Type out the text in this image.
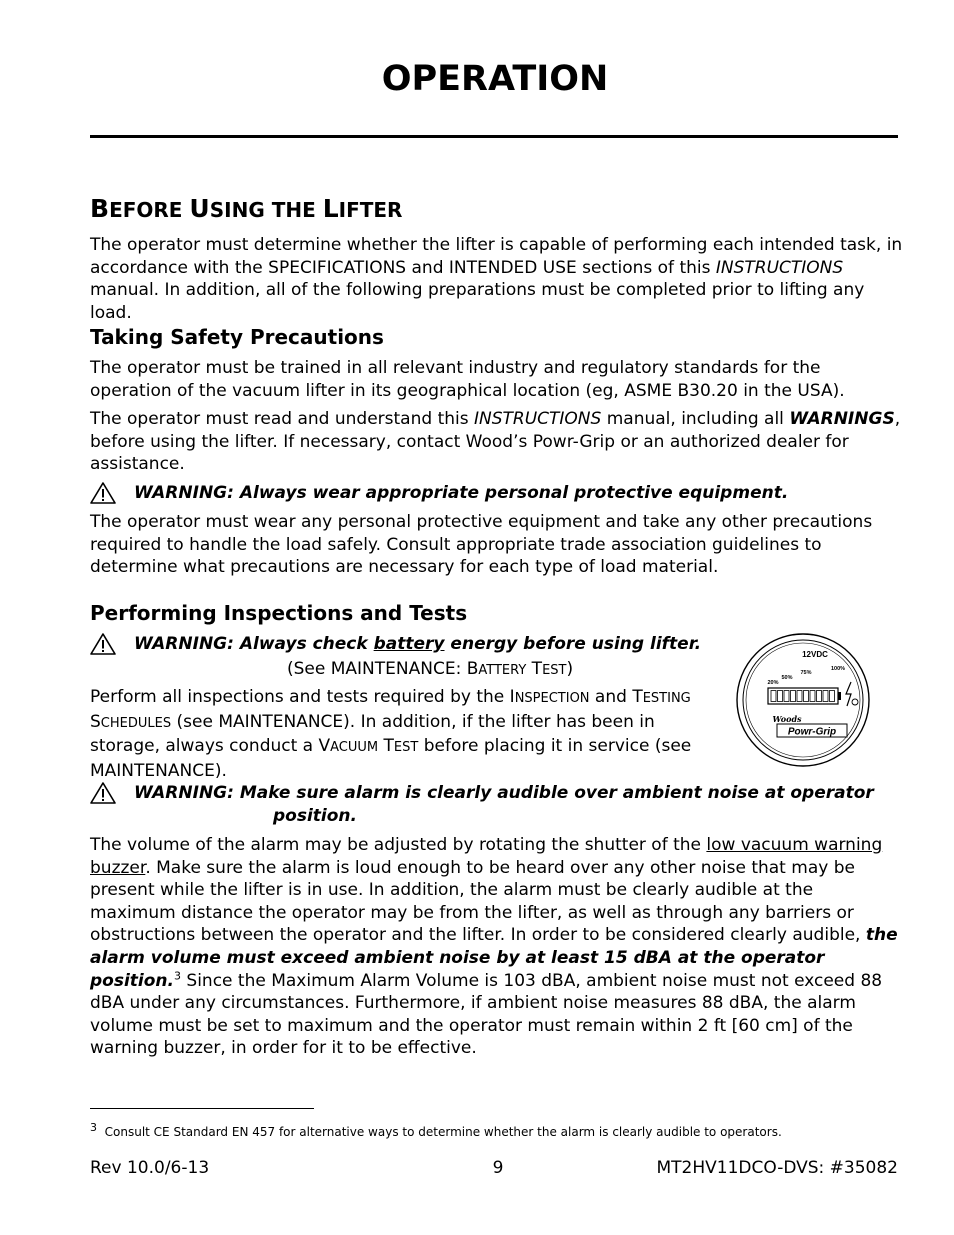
OPERATION
BEFORE USING THE LIFTER

The operator must determine whether the lifter is capable of performing each intended task, in accordance with the SPECIFICATIONS and INTENDED USE sections of this INSTRUCTIONS manual. In addition, all of the following preparations must be completed prior to lifting any load.

Taking Safety Precautions

The operator must be trained in all relevant industry and regulatory standards for the operation of the vacuum lifter in its geographical location (eg, ASME B30.20 in the USA).

The operator must read and understand this INSTRUCTIONS manual, including all WARNINGS, before using the lifter. If necessary, contact Wood’s Powr-Grip or an authorized dealer for assistance.

WARNING: Always wear appropriate personal protective equipment.

The operator must wear any personal protective equipment and take any other precautions required to handle the load safely. Consult appropriate trade association guidelines to determine what precautions are necessary for each type of load material.

Performing Inspections and Tests
WARNING: Always check battery energy before using lifter.
(See MAINTENANCE: BATTERY TEST)

Perform all inspections and tests required by the INSPECTION and TESTING SCHEDULES (see MAINTENANCE). In addition, if the lifter has been in storage, always conduct a VACUUM TEST before placing it in service (see MAINTENANCE).

12VDC
20%
50%
75%
100%
Woods
Powr-Grip
WARNING: Make sure alarm is clearly audible over ambient noise at operator
position.

The volume of the alarm may be adjusted by rotating the shutter of the low vacuum warning buzzer. Make sure the alarm is loud enough to be heard over any other noise that may be present while the lifter is in use. In addition, the alarm must be clearly audible at the maximum distance the operator may be from the lifter, as well as through any barriers or obstructions between the operator and the lifter. In order to be considered clearly audible, the alarm volume must exceed ambient noise by at least 15 dBA at the operator position.$^3$ Since the Maximum Alarm Volume is 103 dBA, ambient noise must not exceed 88 dBA under any circumstances. Furthermore, if ambient noise measures 88 dBA, the alarm volume must be set to maximum and the operator must remain within 2 ft [60 cm] of the warning buzzer, in order for it to be effective.

$^3$ Consult CE Standard EN 457 for alternative ways to determine whether the alarm is clearly audible to operators.
Rev 10.0/6-13	9	MT2HV11DCO-DVS: #35082
